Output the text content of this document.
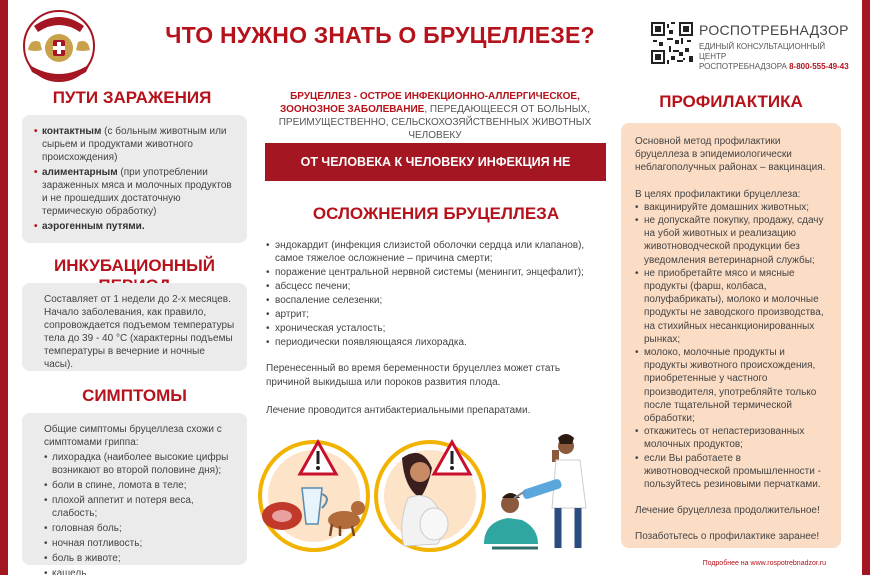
ЧТО НУЖНО ЗНАТЬ О БРУЦЕЛЛЕЗЕ?	РОСПОТРЕБНАДЗОР
ЕДИНЫЙ КОНСУЛЬТАЦИОННЫЙ ЦЕНТР
РОСПОТРЕБНАДЗОРА 8-800-555-49-43
ПУТИ ЗАРАЖЕНИЯ
• контактным (с больным животным или сырьем и продуктами животного происхождения)
• алиментарным (при употреблении зараженных мяса и молочных продуктов и не прошедших достаточную термическую обработку)
• аэрогенным путями.
ИНКУБАЦИОННЫЙ
Составляет от 1 недели до 2-х месяцев. Начало заболевания, как правило, сопровождается подъемом температуры тела до 39 - 40 °С (характерны подъемы температуры в вечерние и ночные часы).
СИМПТОМЫ
Общие симптомы бруцеллеза схожи с симптомами гриппа:
• лихорадка (наиболее высокие цифры возникают во второй половине дня);
• боли в спине, ломота в теле;
• плохой аппетит и потеря веса, слабость;
• головная боль;
• ночная потливость;
• боль в животе;
• кашель.
БРУЦЕЛЛЕЗ - ОСТРОЕ ИНФЕКЦИОННО-АЛЛЕРГИЧЕСКОЕ, ЗООНОЗНОЕ ЗАБОЛЕВАНИЕ, ПЕРЕДАЮЩЕЕСЯ ОТ БОЛЬНЫХ, ПРЕИМУЩЕСТВЕННО, СЕЛЬСКОХОЗЯЙСТВЕННЫХ ЖИВОТНЫХ ЧЕЛОВЕКУ
ОТ ЧЕЛОВЕКА К ЧЕЛОВЕКУ ИНФЕКЦИЯ НЕ ПЕРЕДАЁТСЯ
ОСЛОЖНЕНИЯ БРУЦЕЛЛЕЗА
• эндокардит (инфекция слизистой оболочки сердца или клапанов), самое тяжелое осложнение – причина смерти;
• поражение центральной нервной системы (менингит, энцефалит);
• абсцесс печени;
• воспаление селезенки;
• артрит;
• хроническая усталость;
• периодически появляющаяся лихорадка.

Перенесенный во время беременности бруцеллез может стать причиной выкидыша или пороков развития плода.

Лечение проводится антибактериальными препаратами.

ПРОФИЛАКТИКА

Основной метод профилактики бруцеллеза в эпидемиологически неблагополучных районах – вакцинация.

В целях профилактики бруцеллеза:
• вакцинируйте домашних животных;
• не допускайте покупку, продажу, сдачу на убой животных и реализацию животноводческой продукции без уведомления ветеринарной службы;
• не приобретайте мясо и мясные продукты (фарш, колбаса, полуфабрикаты), молоко и молочные продукты не заводского производства, на стихийных несанкционированных рынках;
• молоко, молочные продукты и продукты животного происхождения, приобретенные у частного производителя, употребляйте только после тщательной термической обработки;
• откажитесь от непастеризованных молочных продуктов;
• если Вы работаете в животноводческой промышленности - пользуйтесь резиновыми перчатками.

Лечение бруцеллеза продолжительное!

Позаботьтесь о профилактике заранее!

Подробнее на www.rospotrebnadzor.ru
